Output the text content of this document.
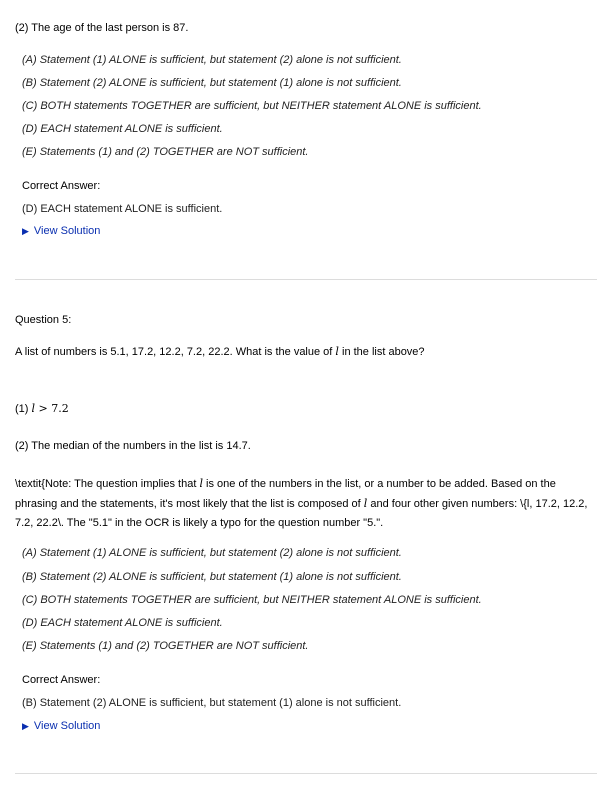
(2) The age of the last person is 87.
(A) Statement (1) ALONE is sufficient, but statement (2) alone is not sufficient.
(B) Statement (2) ALONE is sufficient, but statement (1) alone is not sufficient.
(C) BOTH statements TOGETHER are sufficient, but NEITHER statement ALONE is sufficient.
(D) EACH statement ALONE is sufficient.
(E) Statements (1) and (2) TOGETHER are NOT sufficient.
Correct Answer:
(D) EACH statement ALONE is sufficient.
▶ View Solution
Question 5:
A list of numbers is 5.1, 17.2, 12.2, 7.2, 22.2. What is the value of l in the list above?
(1) l > 7.2
(2) The median of the numbers in the list is 14.7.
\textit{Note: The question implies that l is one of the numbers in the list, or a number to be added. Based on the phrasing and the statements, it's most likely that the list is composed of l and four other given numbers: \{l, 17.2, 12.2, 7.2, 22.2\. The "5.1" in the OCR is likely a typo for the question number "5.".
(A) Statement (1) ALONE is sufficient, but statement (2) alone is not sufficient.
(B) Statement (2) ALONE is sufficient, but statement (1) alone is not sufficient.
(C) BOTH statements TOGETHER are sufficient, but NEITHER statement ALONE is sufficient.
(D) EACH statement ALONE is sufficient.
(E) Statements (1) and (2) TOGETHER are NOT sufficient.
Correct Answer:
(B) Statement (2) ALONE is sufficient, but statement (1) alone is not sufficient.
▶ View Solution
